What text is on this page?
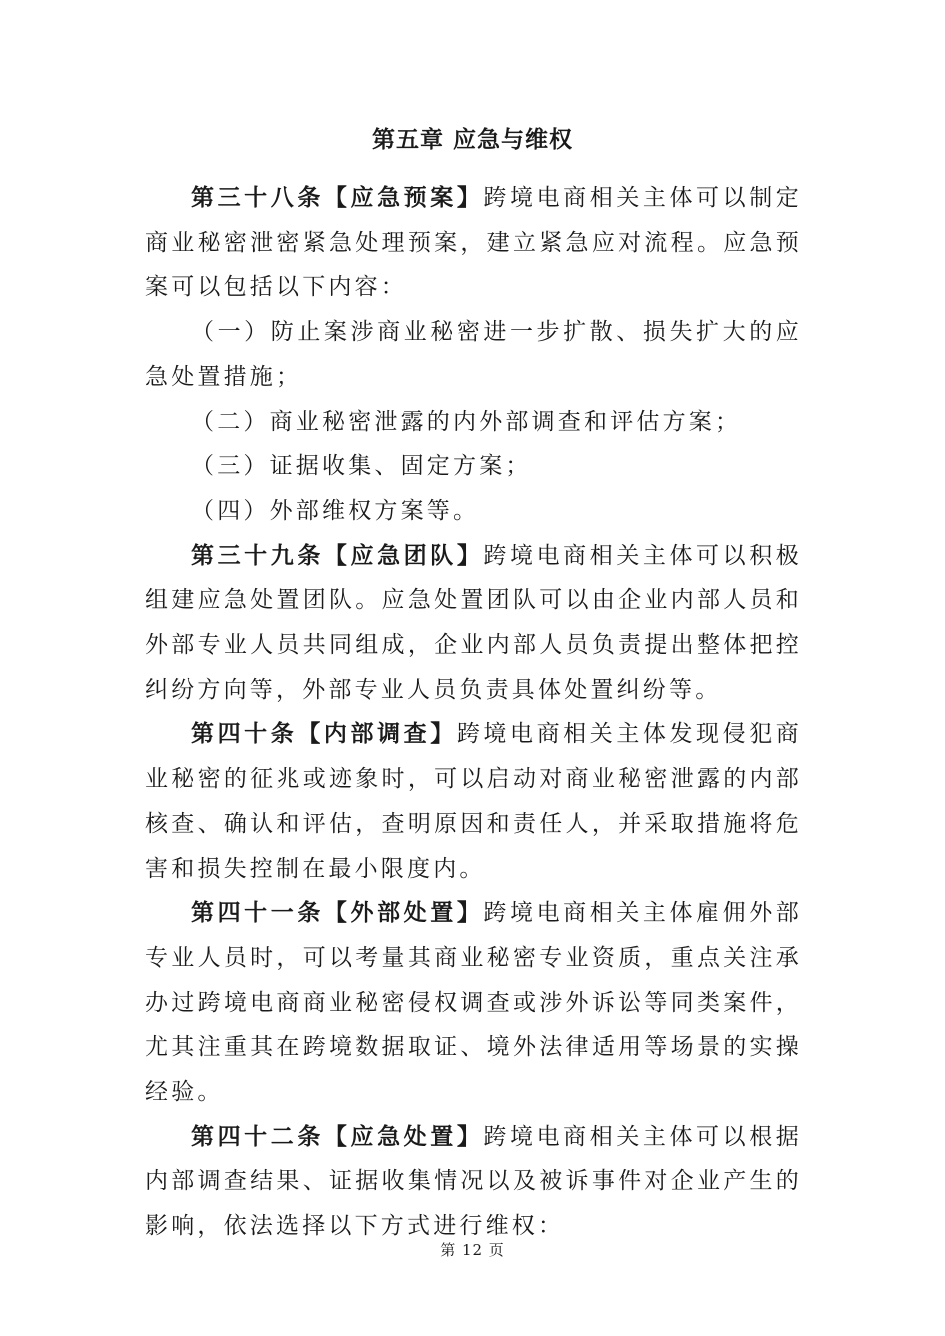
第五章 应急与维权

第三十八条【应急预案】跨境电商相关主体可以制定商业秘密泄密紧急处理预案，建立紧急应对流程。应急预案可以包括以下内容：

（一）防止案涉商业秘密进一步扩散、损失扩大的应急处置措施；

（二）商业秘密泄露的内外部调查和评估方案；

（三）证据收集、固定方案；

（四）外部维权方案等。

第三十九条【应急团队】跨境电商相关主体可以积极组建应急处置团队。应急处置团队可以由企业内部人员和外部专业人员共同组成，企业内部人员负责提出整体把控纠纷方向等，外部专业人员负责具体处置纠纷等。

第四十条【内部调查】跨境电商相关主体发现侵犯商业秘密的征兆或迹象时，可以启动对商业秘密泄露的内部核查、确认和评估，查明原因和责任人，并采取措施将危害和损失控制在最小限度内。

第四十一条【外部处置】跨境电商相关主体雇佣外部专业人员时，可以考量其商业秘密专业资质，重点关注承办过跨境电商商业秘密侵权调查或涉外诉讼等同类案件，尤其注重其在跨境数据取证、境外法律适用等场景的实操经验。

第四十二条【应急处置】跨境电商相关主体可以根据内部调查结果、证据收集情况以及被诉事件对企业产生的影响，依法选择以下方式进行维权：

第 12 页
